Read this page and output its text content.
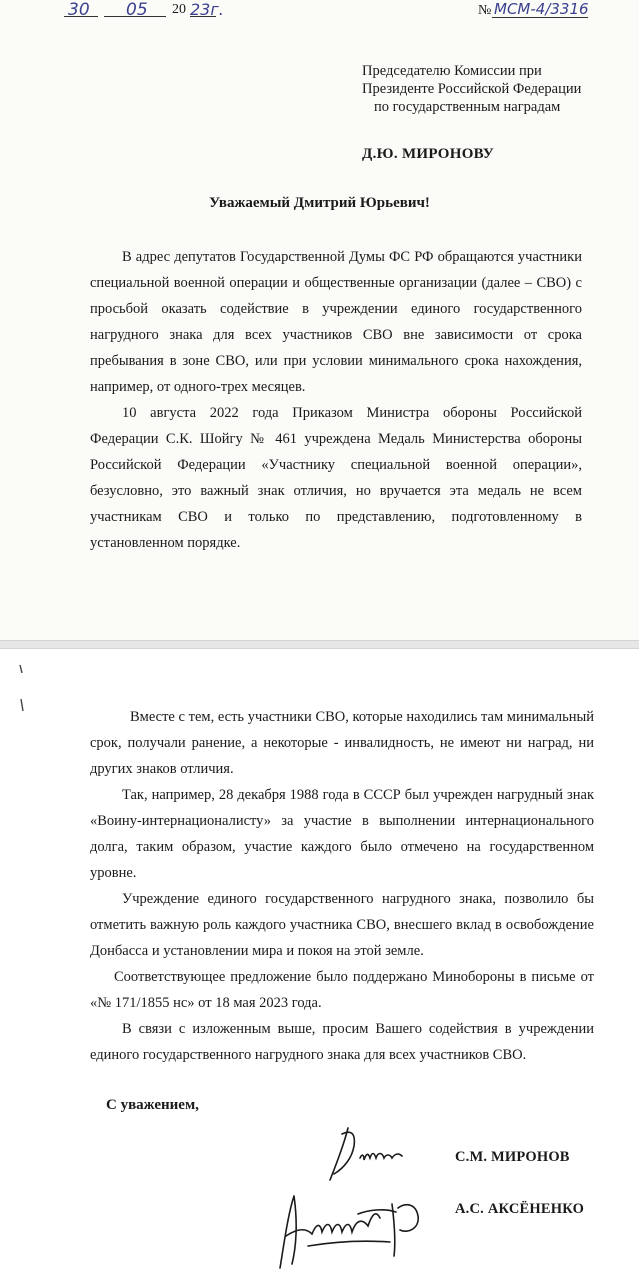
30 05 20 23г.	№ МСМ-4/3316
Председателю Комиссии при
Президенте Российской Федерации
по государственным наградам
Д.Ю. МИРОНОВУ
Уважаемый Дмитрий Юрьевич!

В адрес депутатов Государственной Думы ФС РФ обращаются участники специальной военной операции и общественные организации (далее – СВО) с просьбой оказать содействие в учреждении единого государственного нагрудного знака для всех участников СВО вне зависимости от срока пребывания в зоне СВО, или при условии минимального срока нахождения, например, от одного-трех месяцев.

10 августа 2022 года Приказом Министра обороны Российской Федерации С.К. Шойгу № 461 учреждена Медаль Министерства обороны Российской Федерации «Участнику специальной военной операции», безусловно, это важный знак отличия, но вручается эта медаль не всем участникам СВО и только по представлению, подготовленному в установленном порядке.

Вместе с тем, есть участники СВО, которые находились там минимальный срок, получали ранение, а некоторые - инвалидность, не имеют ни наград, ни других знаков отличия.

Так, например, 28 декабря 1988 года в СССР был учрежден нагрудный знак «Воину-интернационалисту» за участие в выполнении интернационального долга, таким образом, участие каждого было отмечено на государственном уровне.

Учреждение единого государственного нагрудного знака, позволило бы отметить важную роль каждого участника СВО, внесшего вклад в освобождение Донбасса и установлении мира и покоя на этой земле.

Соответствующее предложение было поддержано Минобороны в письме от «№ 171/1855 нс» от 18 мая 2023 года.

В связи с изложенным выше, просим Вашего содействия в учреждении единого государственного нагрудного знака для всех участников СВО.

С уважением,
С.М. МИРОНОВ
А.С. АКСЁНЕНКО
